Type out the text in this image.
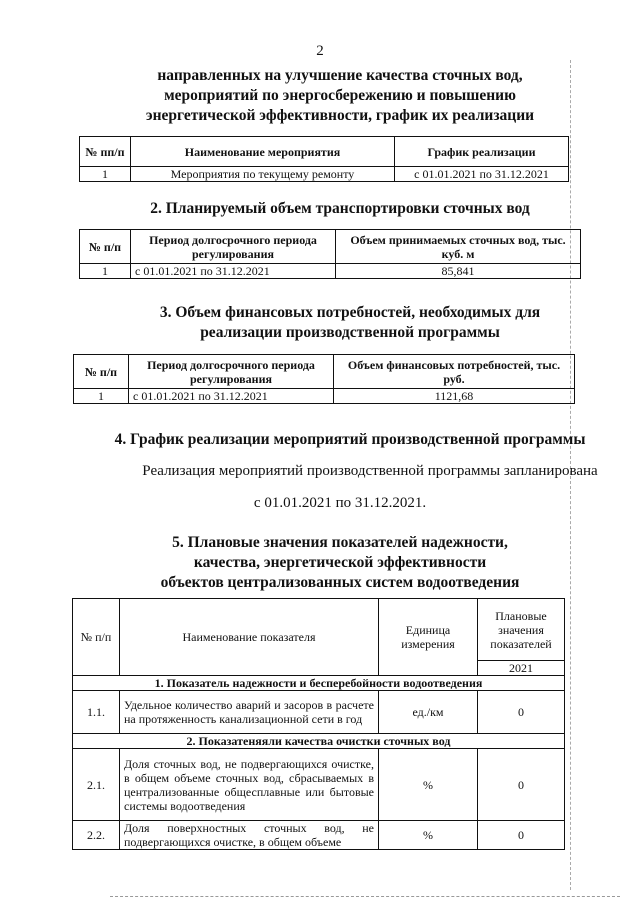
2
направленных на улучшение качества сточных вод,
мероприятий по энергосбережению и повышению
энергетической эффективности, график их реализации
№ пп/п	Наименование мероприятия	График реализации
1	Мероприятия по текущему ремонту	с 01.01.2021 по 31.12.2021
2. Планируемый объем транспортировки сточных вод
№ п/п	Период долгосрочного периода регулирования	Объем принимаемых сточных вод, тыс. куб. м
1	с 01.01.2021 по 31.12.2021	85,841
3. Объем финансовых потребностей, необходимых для
реализации производственной программы
№ п/п	Период долгосрочного периода регулирования	Объем финансовых потребностей, тыс. руб.
1	с 01.01.2021 по 31.12.2021	1121,68
4. График реализации мероприятий производственной программы
Реализация мероприятий производственной программы запланирована
с 01.01.2021 по 31.12.2021.
5. Плановые значения показателей надежности,
качества, энергетической эффективности
объектов централизованных систем водоотведения
№ п/п	Наименование показателя	Единица измерения	Плановые значения показателей
			2021
1. Показатель надежности и бесперебойности водоотведения			
1.1.	Удельное количество аварий и засоров в расчете на протяженность канализационной сети в год	ед./км	0
2. Показатеняяли качества очистки сточных вод			
2.1.	Доля сточных вод, не подвергающихся очистке, в общем объеме сточных вод, сбрасываемых в централизованные общесплавные или бытовые системы водоотведения	%	0
2.2.	Доля поверхностных сточных вод, не подвергающихся очистке, в общем объеме	%	0
